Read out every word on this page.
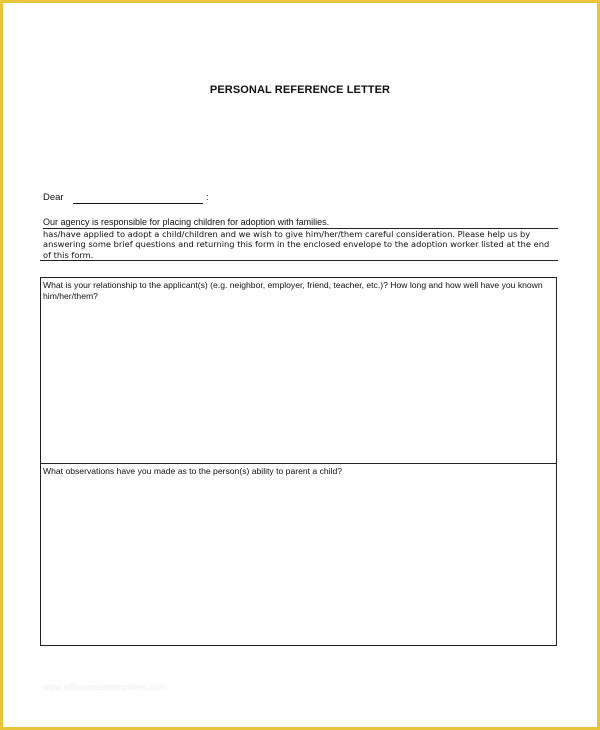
PERSONAL REFERENCE LETTER
Dear	:
Our agency is responsible for placing children for adoption with families.
has/have applied to adopt a child/children and we wish to give him/her/them careful consideration. Please help us by answering some brief questions and returning this form in the enclosed envelope to the adoption worker listed at the end of this form.
What is your relationship to the applicant(s) (e.g. neighbor, employer, friend, teacher, etc.)? How long and how well have you known him/her/them?
What observations have you made as to the person(s) ability to parent a child?
www.allbusinesstemplates.com
